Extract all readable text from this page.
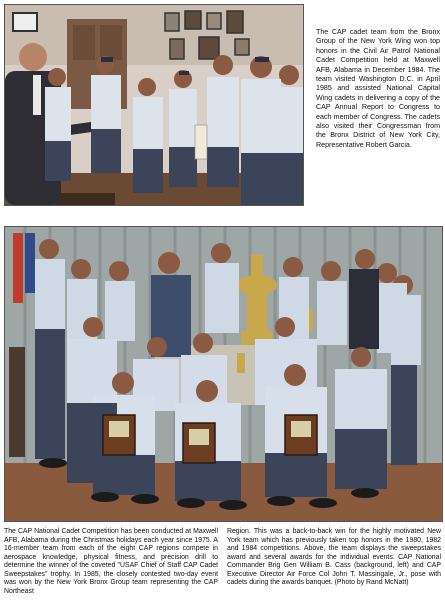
The CAP cadet team from the Bronx Group of the New York Wing won top honors in the Civil Air Patrol National Cadet Competition held at Maxwell AFB, Alabama in December 1984. The team visited Washington D.C. in April 1985 and assisted National Capital Wing cadets in delivering a copy of the CAP Annual Report to Congress to each member of Congress. The cadets also visited their Congressman from the Bronx District of New York City, Representative Robert Garcia.

The CAP National Cadet Competition has been conducted at Maxwell AFB, Alabama during the Christmas holidays each year since 1975. A 16-member team from each of the eight CAP regions compete in aerospace knowledge, physical fitness, and precision drill to determine the winner of the coveted "USAF Chief of Staff CAP Cadet Sweepstakes" trophy. In 1985, the closely contested two-day event was won by the New York Bronx Group team representing the CAP Northeast

Region. This was a back-to-back win for the highly motivated New York team which has previously taken top honors in the 1980, 1982 and 1984 competitions. Above, the team displays the sweepstakes award and several awards for the individual events. CAP National Commander Brig Gen William B. Cass (background, left) and CAP Executive Director Air Force Col John T. Massingale, Jr., pose with cadets during the awards banquet. (Photo by Rand McNatt)
